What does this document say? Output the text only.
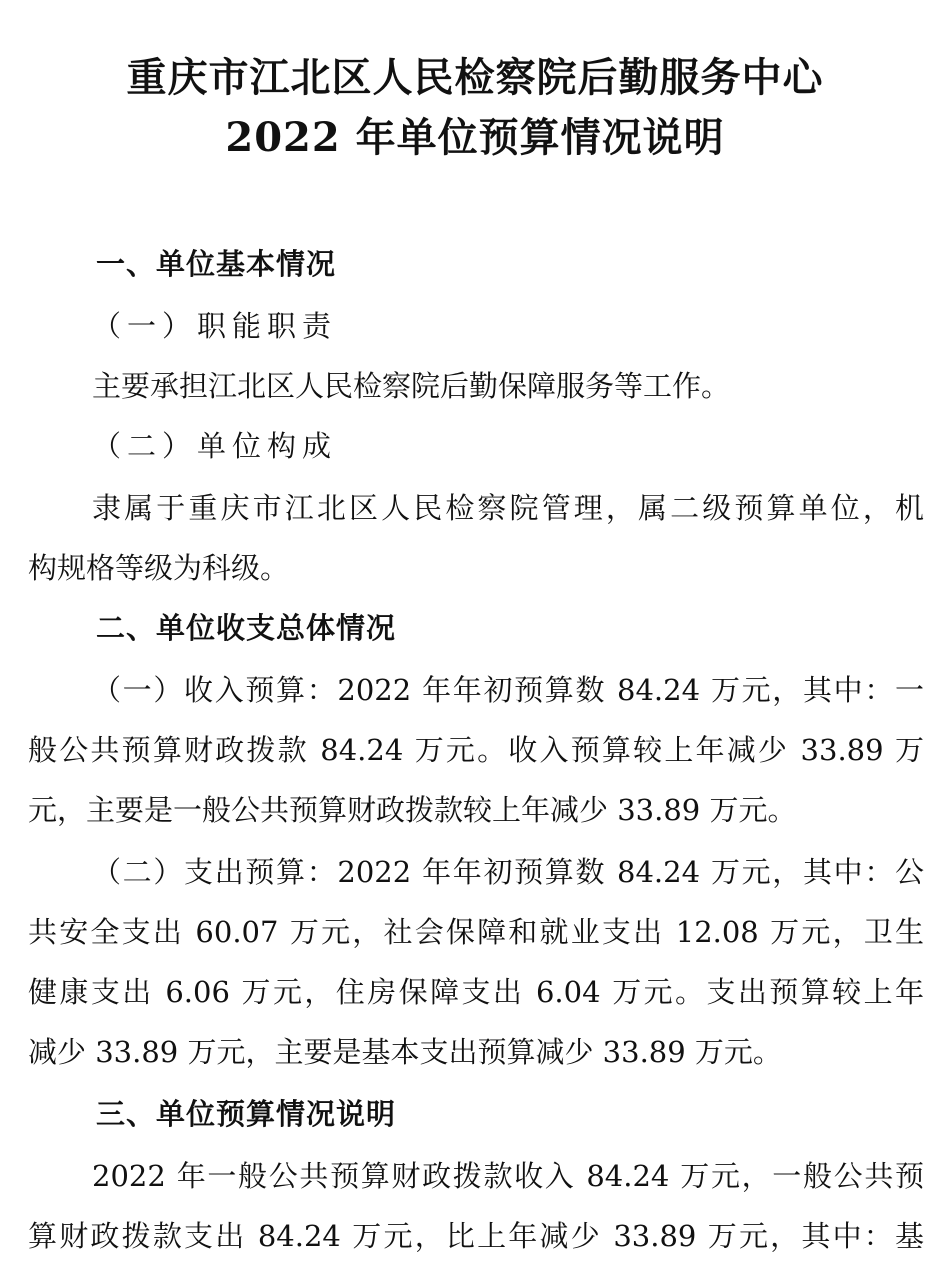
重庆市江北区人民检察院后勤服务中心
2022 年单位预算情况说明
一、单位基本情况
（一）职能职责
主要承担江北区人民检察院后勤保障服务等工作。
（二）单位构成
隶属于重庆市江北区人民检察院管理，属二级预算单位，机
构规格等级为科级。
二、单位收支总体情况
（一）收入预算：2022 年年初预算数 84.24 万元，其中：一
般公共预算财政拨款 84.24 万元。收入预算较上年减少 33.89 万
元，主要是一般公共预算财政拨款较上年减少 33.89 万元。
（二）支出预算：2022 年年初预算数 84.24 万元，其中：公
共安全支出 60.07 万元，社会保障和就业支出 12.08 万元，卫生
健康支出 6.06 万元，住房保障支出 6.04 万元。支出预算较上年
减少 33.89 万元，主要是基本支出预算减少 33.89 万元。
三、单位预算情况说明
2022 年一般公共预算财政拨款收入 84.24 万元，一般公共预
算财政拨款支出 84.24 万元，比上年减少 33.89 万元，其中：基
